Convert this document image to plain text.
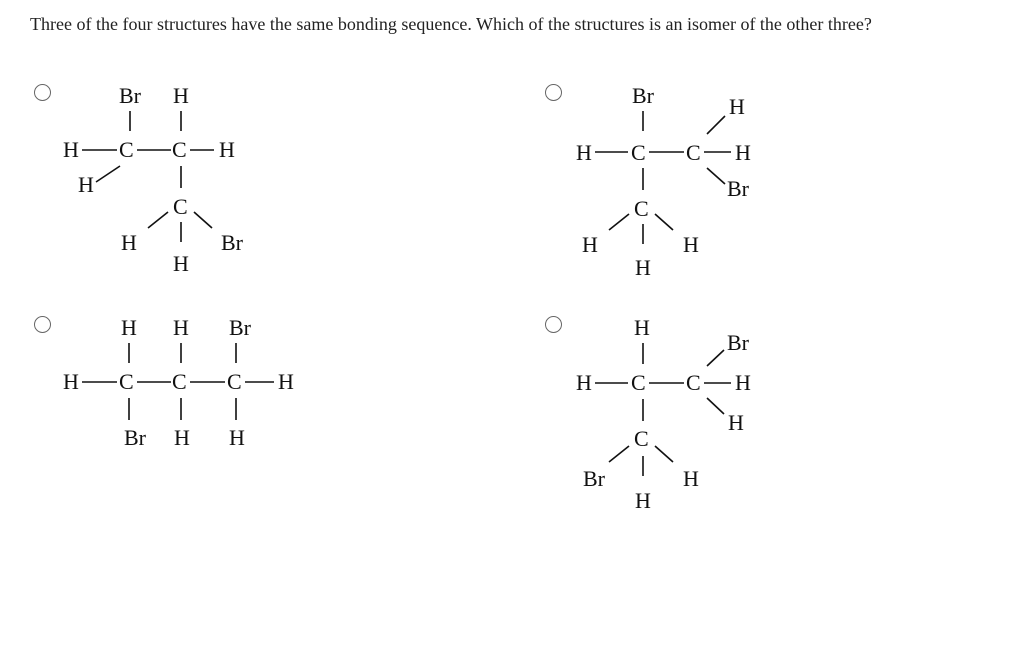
Three of the four structures have the same bonding sequence. Which of the structures is an isomer of the other three?
Br H
H C C H
H
C
H	Br
H
Br	H
H C C H
Br
C
H	H
H
H H Br
H C C C H
Br H H
H
Br
H C C H
H
C
Br	H
H
